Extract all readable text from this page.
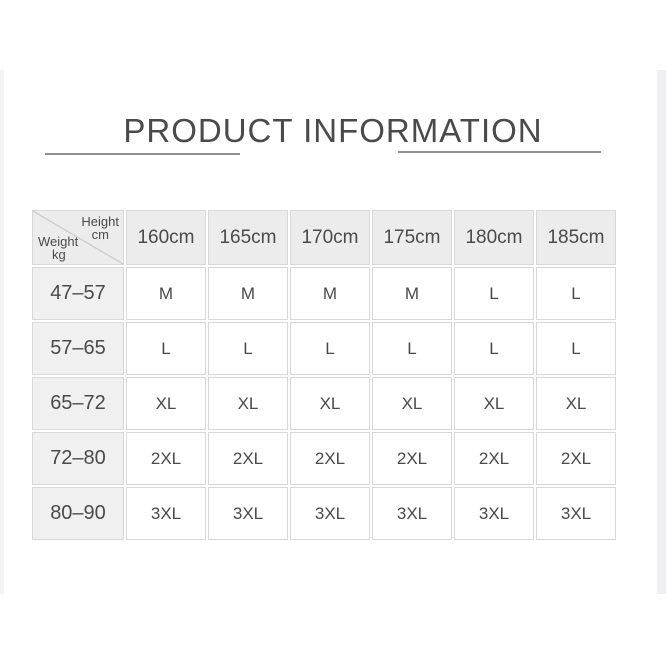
PRODUCT INFORMATION
Height
cm
Weight
kg	160cm	165cm	170cm	175cm	180cm	185cm
47–57	M	M	M	M	L	L
57–65	L	L	L	L	L	L
65–72	XL	XL	XL	XL	XL	XL
72–80	2XL	2XL	2XL	2XL	2XL	2XL
80–90	3XL	3XL	3XL	3XL	3XL	3XL
